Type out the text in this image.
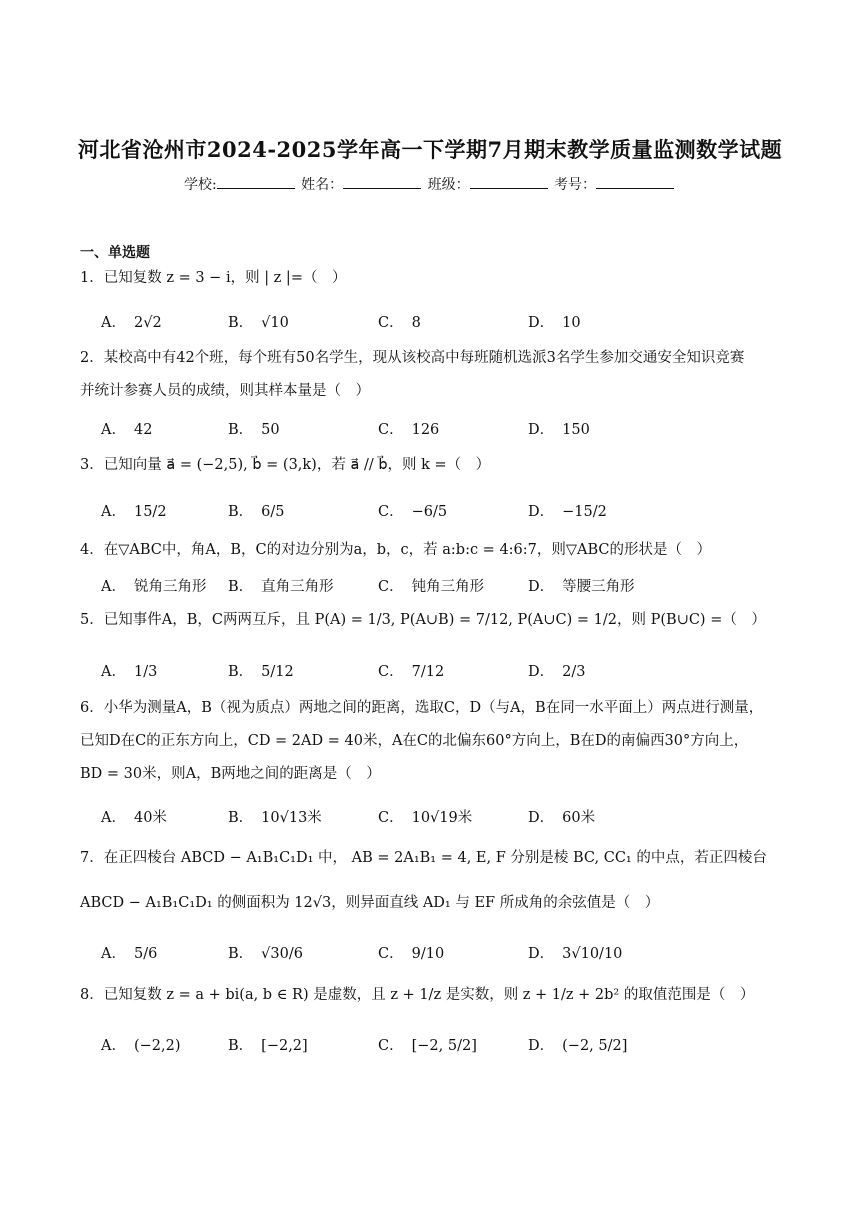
河北省沧州市2024-2025学年高一下学期7月期末教学质量监测数学试题
学校:	姓名：	班级：	考号：
一、单选题
1．已知复数 z = 3 − i，则 | z |=（　）
A． 2√2	B． √10	C． 8	D． 10
2．某校高中有42个班，每个班有50名学生，现从该校高中每班随机选派3名学生参加交通安全知识竞赛
并统计参赛人员的成绩，则其样本量是（　）
A． 42	B． 50	C． 126	D． 150
3．已知向量 a⃗ = (−2,5), b⃗ = (3,k)，若 a⃗ // b⃗，则 k =（　）
A． 15/2	B． 6/5	C． −6/5	D． −15/2
4．在▽ABC中，角A，B，C的对边分别为a，b，c，若 a:b:c = 4:6:7，则▽ABC的形状是（　）
A． 锐角三角形 B． 直角三角形	C． 钝角三角形	D． 等腰三角形
5．已知事件A，B，C两两互斥，且 P(A) = 1/3, P(A∪B) = 7/12, P(A∪C) = 1/2，则 P(B∪C) =（　）
A． 1/3	B． 5/12	C． 7/12	D． 2/3
6．小华为测量A，B（视为质点）两地之间的距离，选取C，D（与A，B在同一水平面上）两点进行测量，
已知D在C的正东方向上，CD = 2AD = 40米，A在C的北偏东60°方向上，B在D的南偏西30°方向上，
BD = 30米，则A，B两地之间的距离是（　）
A． 40米	B． 10√13米	C． 10√19米	D． 60米
7．在正四棱台 ABCD − A₁B₁C₁D₁ 中， AB = 2A₁B₁ = 4, E, F 分别是棱 BC, CC₁ 的中点，若正四棱台
ABCD − A₁B₁C₁D₁ 的侧面积为 12√3，则异面直线 AD₁ 与 EF 所成角的余弦值是（　）
A． 5/6	B． √30/6	C． 9/10	D． 3√10/10
8．已知复数 z = a + bi(a, b ∈ R) 是虚数，且 z + 1/z 是实数，则 z + 1/z + 2b² 的取值范围是（　）
A． (−2,2)	B． [−2,2]	C． [−2, 5/2]	D． (−2, 5/2]
